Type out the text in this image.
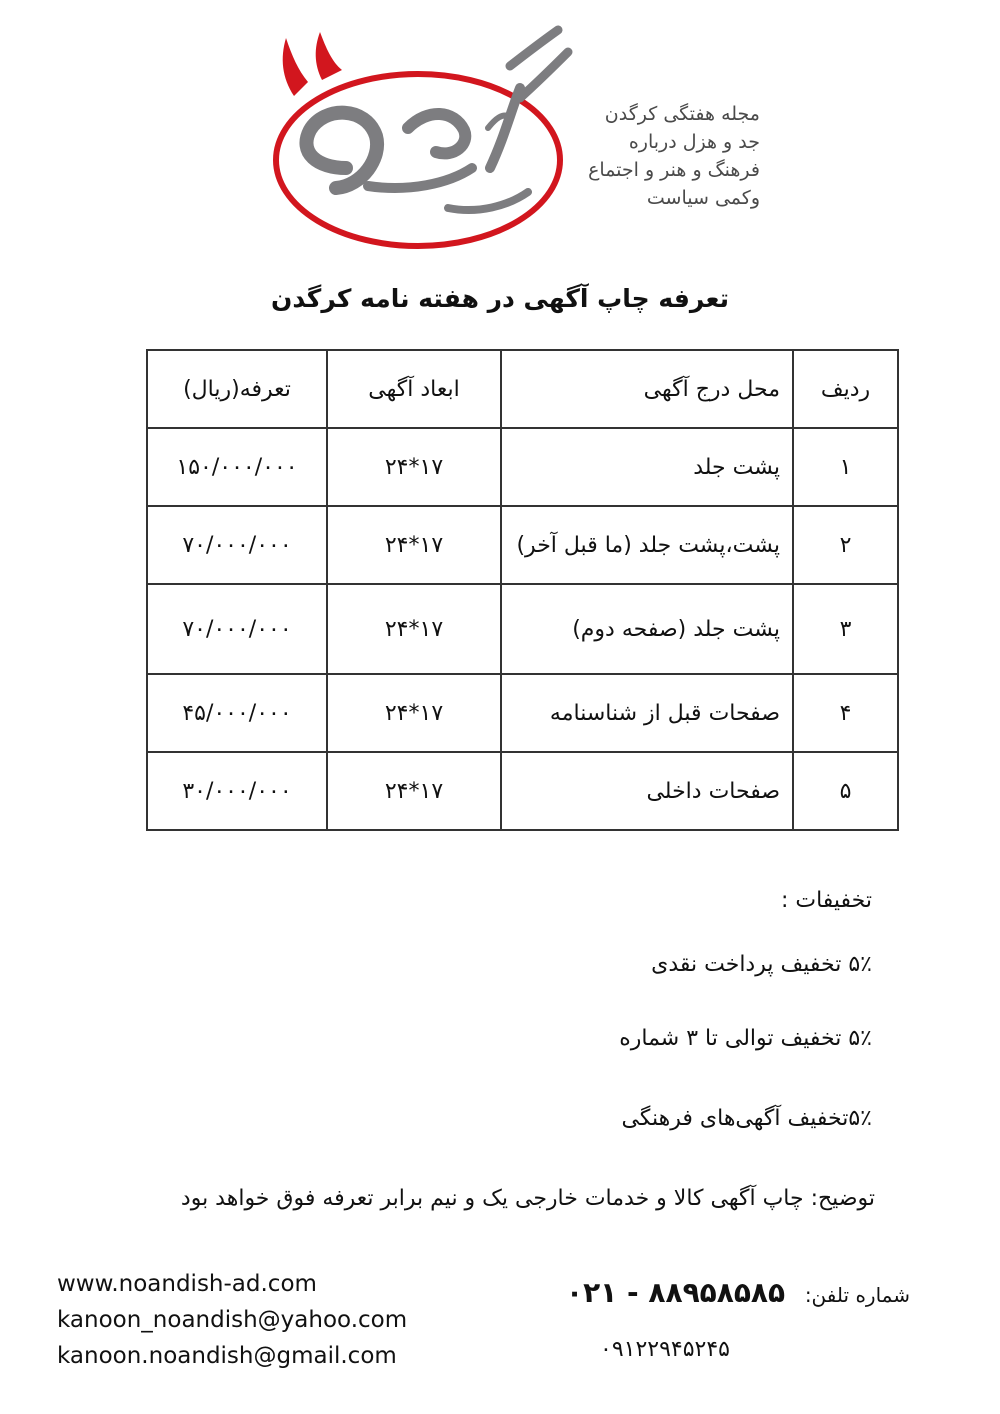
کرگدن
مجله هفتگی کرگدن
جد و هزل درباره
فرهنگ و هنر و اجتماع
وکمی سیاست
تعرفه چاپ آگهی در هفته نامه کرگدن
ردیف	محل درج آگهی	ابعاد آگهی	تعرفه(ریال)
۱	پشت جلد	۱۷*۲۴	۱۵۰/۰۰۰/۰۰۰
۲	پشت،پشت جلد (ما قبل آخر)	۱۷*۲۴	۷۰/۰۰۰/۰۰۰
۳	پشت جلد (صفحه دوم)	۱۷*۲۴	۷۰/۰۰۰/۰۰۰
۴	صفحات قبل از شناسنامه	۱۷*۲۴	۴۵/۰۰۰/۰۰۰
۵	صفحات داخلی	۱۷*۲۴	۳۰/۰۰۰/۰۰۰
تخفیفات :
۵٪ تخفیف پرداخت نقدی
۵٪ تخفیف توالی تا ۳ شماره
۵٪تخفیف آگهی‌های فرهنگی
توضیح: چاپ آگهی کالا و خدمات خارجی یک و نیم برابر تعرفه فوق خواهد بود
www.noandish-ad.com
kanoon_noandish@yahoo.com
kanoon.noandish@gmail.com
شماره تلفن:
۰۲۱ - ۸۸۹۵۸۵۸۵
۰۹۱۲۲۹۴۵۲۴۵
